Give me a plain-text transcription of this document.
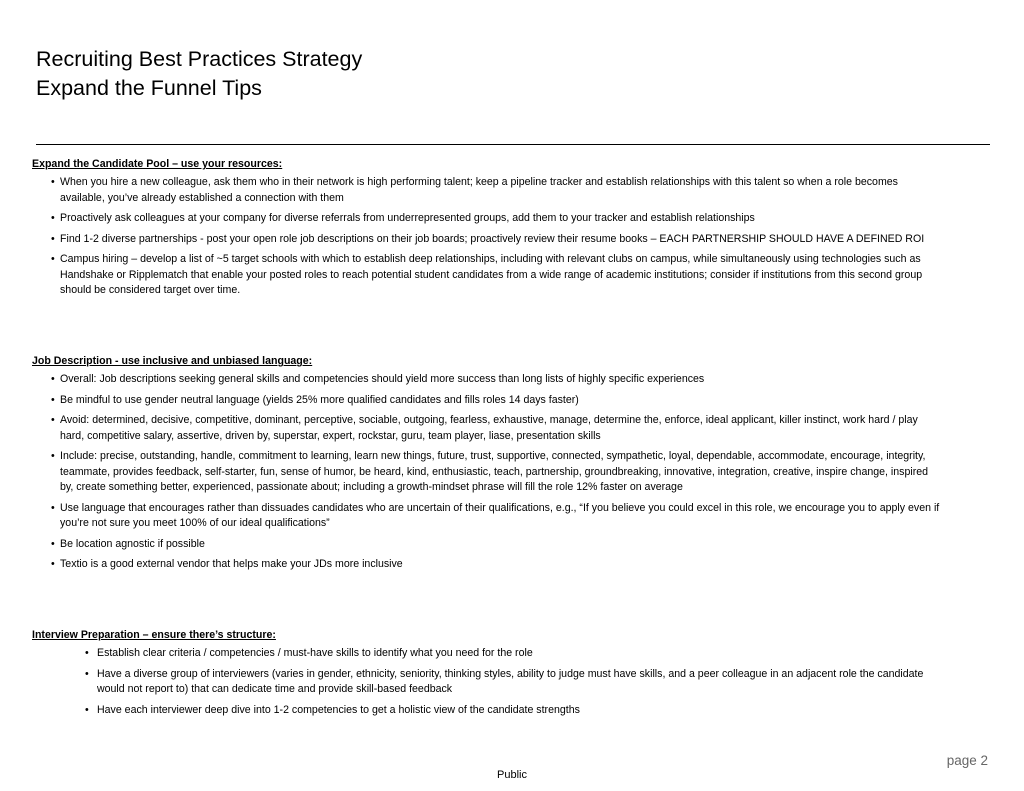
Recruiting Best Practices Strategy
Expand the Funnel Tips
Expand the Candidate Pool – use your resources:
• When you hire a new colleague, ask them who in their network is high performing talent; keep a pipeline tracker and establish relationships with this talent so when a role becomes available, you’ve already established a connection with them
• Proactively ask colleagues at your company for diverse referrals from underrepresented groups, add them to your tracker and establish relationships
• Find 1-2 diverse partnerships - post your open role job descriptions on their job boards; proactively review their resume books – EACH PARTNERSHIP SHOULD HAVE A DEFINED ROI
• Campus hiring – develop a list of ~5 target schools with which to establish deep relationships, including with relevant clubs on campus, while simultaneously using technologies such as Handshake or Ripplematch that enable your posted roles to reach potential student candidates from a wide range of academic institutions; consider if institutions from this second group should be considered target over time.
Job Description - use inclusive and unbiased language:
• Overall: Job descriptions seeking general skills and competencies should yield more success than long lists of highly specific experiences
• Be mindful to use gender neutral language (yields 25% more qualified candidates and fills roles 14 days faster)
• Avoid: determined, decisive, competitive, dominant, perceptive, sociable, outgoing, fearless, exhaustive, manage, determine the, enforce, ideal applicant, killer instinct, work hard / play hard, competitive salary, assertive, driven by, superstar, expert, rockstar, guru, team player, liase, presentation skills
• Include: precise, outstanding, handle, commitment to learning, learn new things, future, trust, supportive, connected, sympathetic, loyal, dependable, accommodate, encourage, integrity, teammate, provides feedback, self-starter, fun, sense of humor, be heard, kind, enthusiastic, teach, partnership, groundbreaking, innovative, integration, creative, inspire change, inspired by, create something better, experienced, passionate about; including a growth-mindset phrase will fill the role 12% faster on average
• Use language that encourages rather than dissuades candidates who are uncertain of their qualifications, e.g., “If you believe you could excel in this role, we encourage you to apply even if you’re not sure you meet 100% of our ideal qualifications”
• Be location agnostic if possible
• Textio is a good external vendor that helps make your JDs more inclusive
Interview Preparation – ensure there’s structure:
• Establish clear criteria / competencies / must-have skills to identify what you need for the role
• Have a diverse group of interviewers (varies in gender, ethnicity, seniority, thinking styles, ability to judge must have skills, and a peer colleague in an adjacent role the candidate would not report to) that can dedicate time and provide skill-based feedback
• Have each interviewer deep dive into 1-2 competencies to get a holistic view of the candidate strengths
page 2
Public
